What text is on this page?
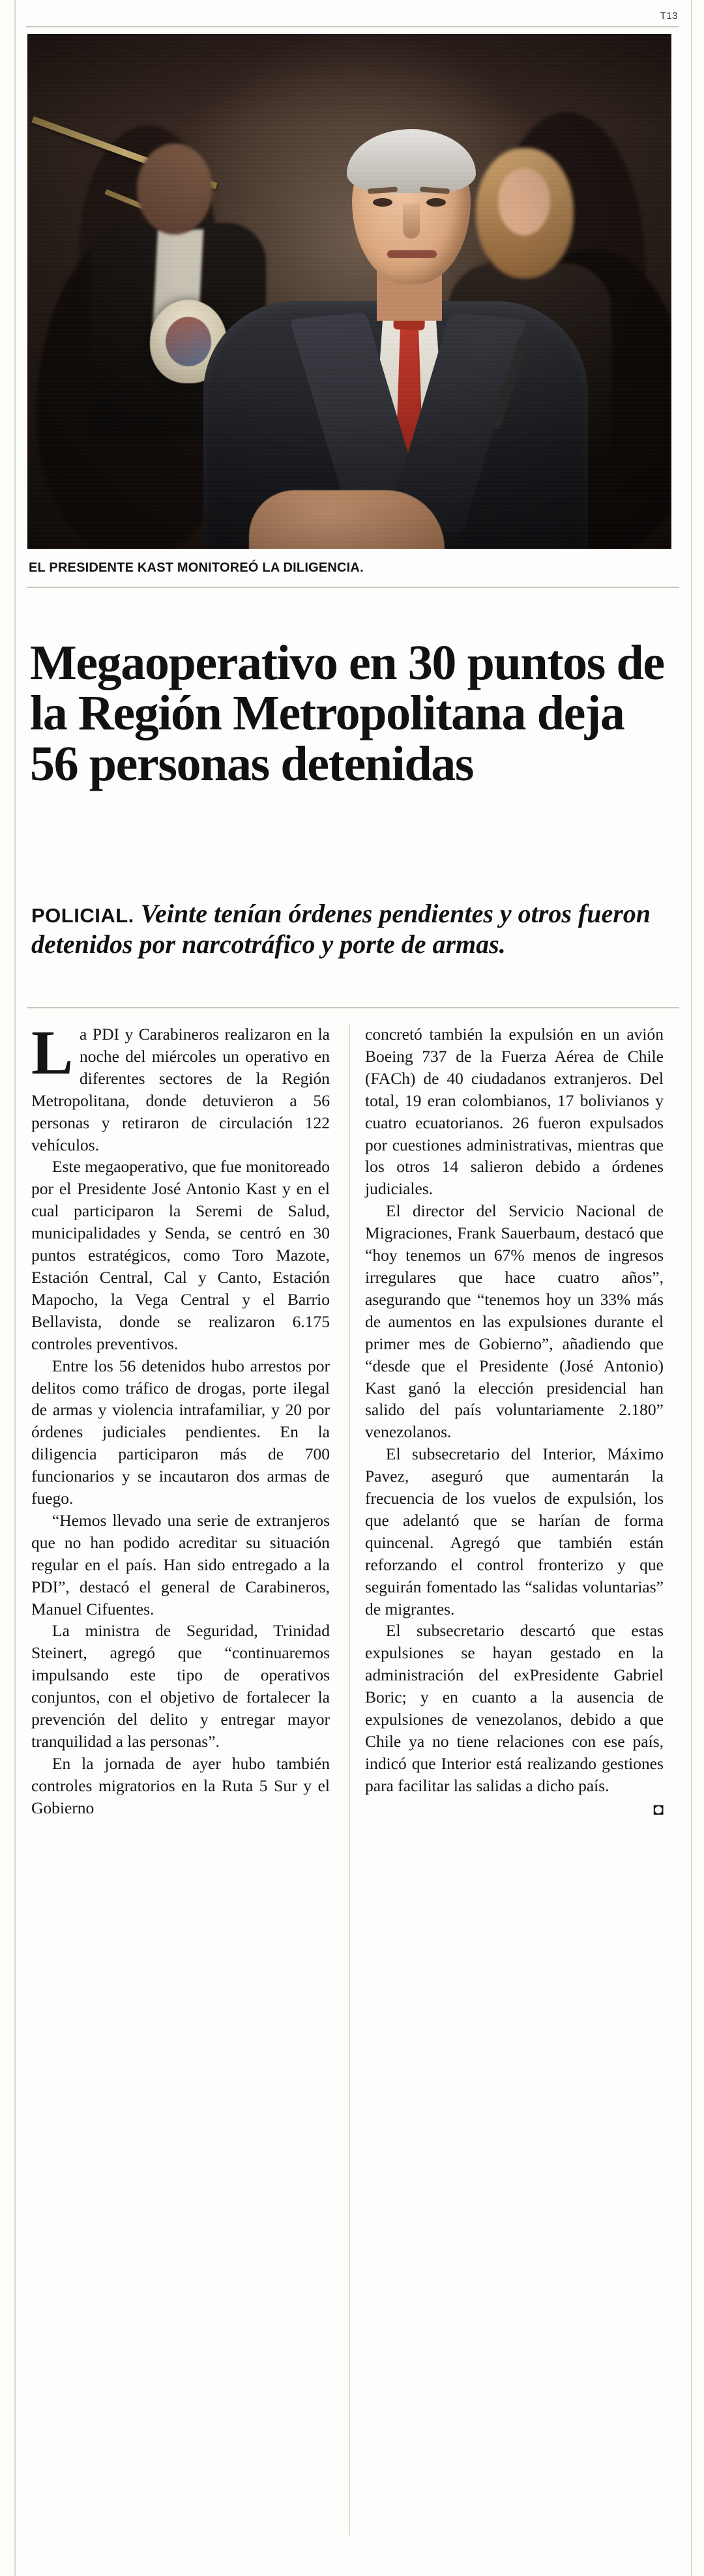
T13
EL PRESIDENTE KAST MONITOREÓ LA DILIGENCIA.
Megaoperativo en 30 puntos de la Región Metropolitana deja 56 personas detenidas
POLICIAL. Veinte tenían órdenes pendientes y otros fueron detenidos por narcotráfico y porte de armas.

La PDI y Carabineros realizaron en la noche del miércoles un operativo en diferentes sectores de la Región Metropolitana, donde detuvieron a 56 personas y retiraron de circulación 122 vehículos.

Este megaoperativo, que fue monitoreado por el Presidente José Antonio Kast y en el cual participaron la Seremi de Salud, municipalidades y Senda, se centró en 30 puntos estratégicos, como Toro Mazote, Estación Central, Cal y Canto, Estación Mapocho, la Vega Central y el Barrio Bellavista, donde se realizaron 6.175 controles preventivos.

Entre los 56 detenidos hubo arrestos por delitos como tráfico de drogas, porte ilegal de armas y violencia intrafamiliar, y 20 por órdenes judiciales pendientes. En la diligencia participaron más de 700 funcionarios y se incautaron dos armas de fuego.

“Hemos llevado una serie de extranjeros que no han podido acreditar su situación regular en el país. Han sido entregado a la PDI”, destacó el general de Carabineros, Manuel Cifuentes.

La ministra de Seguridad, Trinidad Steinert, agregó que “continuaremos impulsando este tipo de operativos conjuntos, con el objetivo de fortalecer la prevención del delito y entregar mayor tranquilidad a las personas”.

En la jornada de ayer hubo también controles migratorios en la Ruta 5 Sur y el Gobierno

concretó también la expulsión en un avión Boeing 737 de la Fuerza Aérea de Chile (FACh) de 40 ciudadanos extranjeros. Del total, 19 eran colombianos, 17 bolivianos y cuatro ecuatorianos. 26 fueron expulsados por cuestiones administrativas, mientras que los otros 14 salieron debido a órdenes judiciales.

El director del Servicio Nacional de Migraciones, Frank Sauerbaum, destacó que “hoy tenemos un 67% menos de ingresos irregulares que hace cuatro años”, asegurando que “tenemos hoy un 33% más de aumentos en las expulsiones durante el primer mes de Gobierno”, añadiendo que “desde que el Presidente (José Antonio) Kast ganó la elección presidencial han salido del país voluntariamente 2.180” venezolanos.

El subsecretario del Interior, Máximo Pavez, aseguró que aumentarán la frecuencia de los vuelos de expulsión, los que adelantó que se harían de forma quincenal. Agregó que también están reforzando el control fronterizo y que seguirán fomentado las “salidas voluntarias” de migrantes.

El subsecretario descartó que estas expulsiones se hayan gestado en la administración del exPresidente Gabriel Boric; y en cuanto a la ausencia de expulsiones de venezolanos, debido a que Chile ya no tiene relaciones con ese país, indicó que Interior está realizando gestiones para facilitar las salidas a dicho país.

◘
